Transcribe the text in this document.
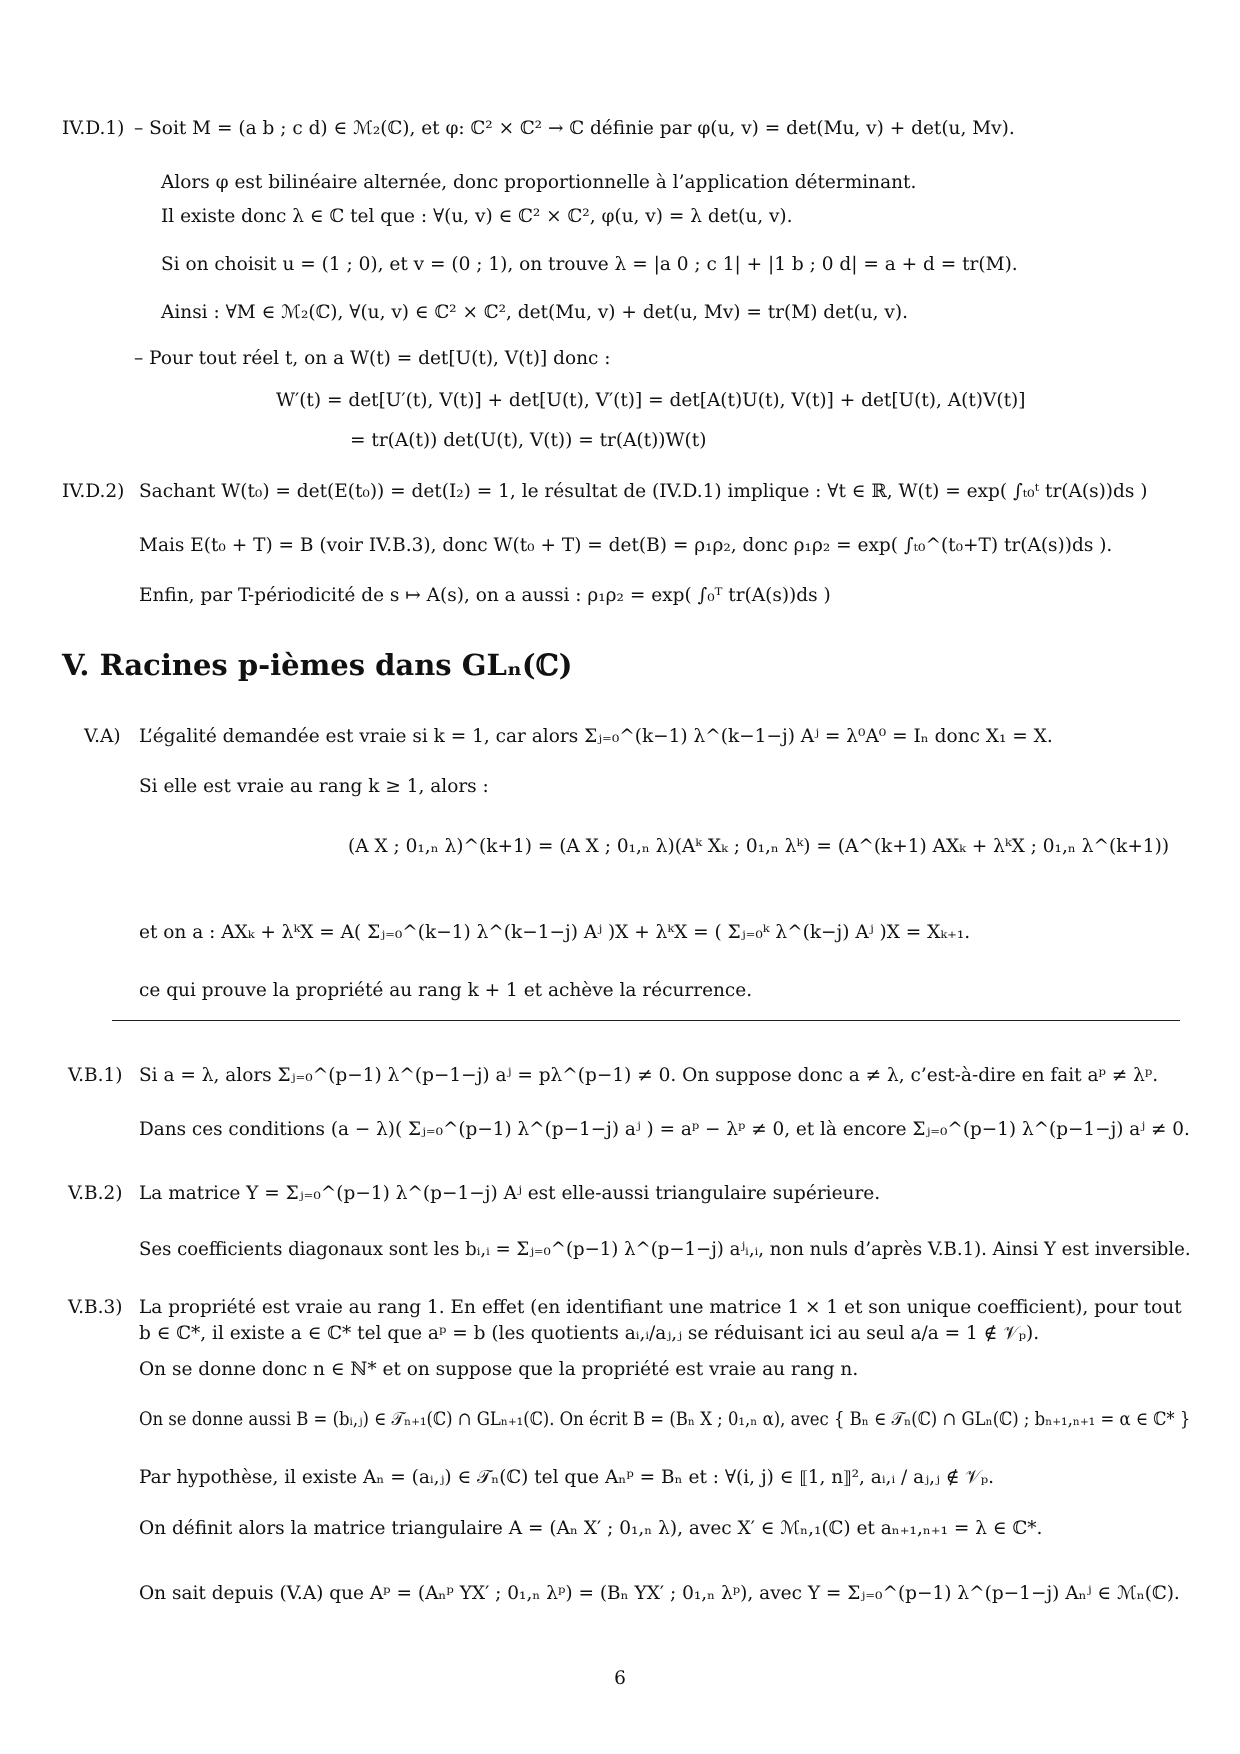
IV.D.1) – Soit M = (a b ; c d) ∈ ℳ₂(ℂ), et φ: ℂ² × ℂ² → ℂ définie par φ(u, v) = det(Mu, v) + det(u, Mv).
Alors φ est bilinéaire alternée, donc proportionnelle à l’application déterminant.
Il existe donc λ ∈ ℂ tel que : ∀(u, v) ∈ ℂ² × ℂ², φ(u, v) = λ det(u, v).
Si on choisit u = (1 ; 0), et v = (0 ; 1), on trouve λ = |a 0 ; c 1| + |1 b ; 0 d| = a + d = tr(M).
Ainsi : ∀M ∈ ℳ₂(ℂ), ∀(u, v) ∈ ℂ² × ℂ², det(Mu, v) + det(u, Mv) = tr(M) det(u, v).
– Pour tout réel t, on a W(t) = det[U(t), V(t)] donc :
W′(t) = det[U′(t), V(t)] + det[U(t), V′(t)] = det[A(t)U(t), V(t)] + det[U(t), A(t)V(t)]
= tr(A(t)) det(U(t), V(t)) = tr(A(t))W(t)
IV.D.2) Sachant W(t₀) = det(E(t₀)) = det(I₂) = 1, le résultat de (IV.D.1) implique : ∀t ∈ ℝ, W(t) = exp( ∫ₜ₀ᵗ tr(A(s))ds )
Mais E(t₀ + T) = B (voir IV.B.3), donc W(t₀ + T) = det(B) = ρ₁ρ₂, donc ρ₁ρ₂ = exp( ∫ₜ₀^(t₀+T) tr(A(s))ds ).
Enfin, par T-périodicité de s ↦ A(s), on a aussi : ρ₁ρ₂ = exp( ∫₀ᵀ tr(A(s))ds )
V. Racines p-ièmes dans GLₙ(ℂ)
V.A) L’égalité demandée est vraie si k = 1, car alors Σⱼ₌₀^(k−1) λ^(k−1−j) Aʲ = λ⁰A⁰ = Iₙ donc X₁ = X.
Si elle est vraie au rang k ≥ 1, alors :
(A X ; 0₁,ₙ λ)^(k+1) = (A X ; 0₁,ₙ λ)(Aᵏ Xₖ ; 0₁,ₙ λᵏ) = (A^(k+1) AXₖ + λᵏX ; 0₁,ₙ λ^(k+1))
et on a : AXₖ + λᵏX = A( Σⱼ₌₀^(k−1) λ^(k−1−j) Aʲ )X + λᵏX = ( Σⱼ₌₀ᵏ λ^(k−j) Aʲ )X = Xₖ₊₁.
ce qui prouve la propriété au rang k + 1 et achève la récurrence.
V.B.1) Si a = λ, alors Σⱼ₌₀^(p−1) λ^(p−1−j) aʲ = pλ^(p−1) ≠ 0. On suppose donc a ≠ λ, c’est-à-dire en fait aᵖ ≠ λᵖ.
Dans ces conditions (a − λ)( Σⱼ₌₀^(p−1) λ^(p−1−j) aʲ ) = aᵖ − λᵖ ≠ 0, et là encore Σⱼ₌₀^(p−1) λ^(p−1−j) aʲ ≠ 0.
V.B.2) La matrice Y = Σⱼ₌₀^(p−1) λ^(p−1−j) Aʲ est elle-aussi triangulaire supérieure.
Ses coefficients diagonaux sont les bᵢ,ᵢ = Σⱼ₌₀^(p−1) λ^(p−1−j) aʲᵢ,ᵢ, non nuls d’après V.B.1). Ainsi Y est inversible.
V.B.3) La propriété est vraie au rang 1. En effet (en identifiant une matrice 1 × 1 et son unique coefficient), pour tout
b ∈ ℂ*, il existe a ∈ ℂ* tel que aᵖ = b (les quotients aᵢ,ᵢ/aⱼ,ⱼ se réduisant ici au seul a/a = 1 ∉ 𝒱ₚ).
On se donne donc n ∈ ℕ* et on suppose que la propriété est vraie au rang n.
On se donne aussi B = (bᵢ,ⱼ) ∈ 𝒯ₙ₊₁(ℂ) ∩ GLₙ₊₁(ℂ). On écrit B = (Bₙ X ; 0₁,ₙ α), avec { Bₙ ∈ 𝒯ₙ(ℂ) ∩ GLₙ(ℂ) ; bₙ₊₁,ₙ₊₁ = α ∈ ℂ* }
Par hypothèse, il existe Aₙ = (aᵢ,ⱼ) ∈ 𝒯ₙ(ℂ) tel que Aₙᵖ = Bₙ et : ∀(i, j) ∈ ⟦1, n⟧², aᵢ,ᵢ / aⱼ,ⱼ ∉ 𝒱ₚ.
On définit alors la matrice triangulaire A = (Aₙ X′ ; 0₁,ₙ λ), avec X′ ∈ ℳₙ,₁(ℂ) et aₙ₊₁,ₙ₊₁ = λ ∈ ℂ*.
On sait depuis (V.A) que Aᵖ = (Aₙᵖ YX′ ; 0₁,ₙ λᵖ) = (Bₙ YX′ ; 0₁,ₙ λᵖ), avec Y = Σⱼ₌₀^(p−1) λ^(p−1−j) Aₙʲ ∈ ℳₙ(ℂ).
6
